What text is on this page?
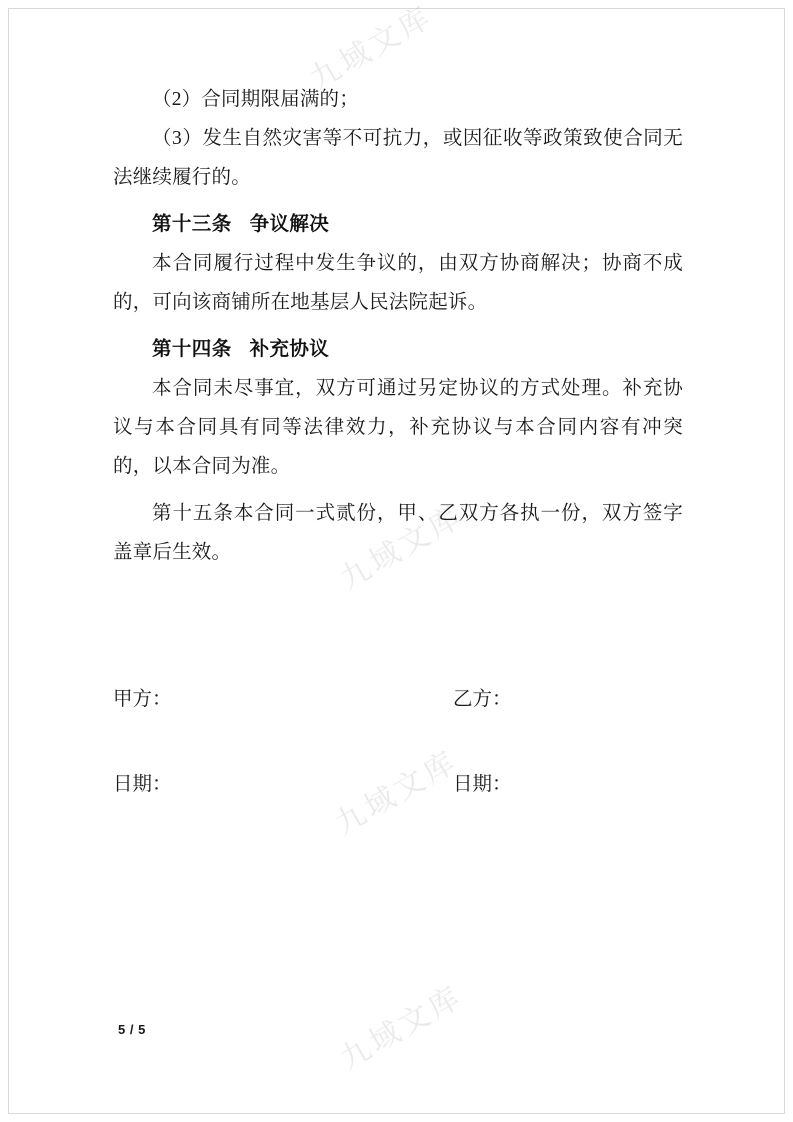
九域文库
九域文库
九域文库
九域文库

（2）合同期限届满的；

（3）发生自然灾害等不可抗力，或因征收等政策致使合同无法继续履行的。

第十三条 争议解决

本合同履行过程中发生争议的，由双方协商解决；协商不成的，可向该商铺所在地基层人民法院起诉。

第十四条 补充协议

本合同未尽事宜，双方可通过另定协议的方式处理。补充协议与本合同具有同等法律效力，补充协议与本合同内容有冲突的，以本合同为准。

第十五条本合同一式贰份，甲、乙双方各执一份，双方签字盖章后生效。

甲方：	乙方：
日期：	日期：
5 / 5
